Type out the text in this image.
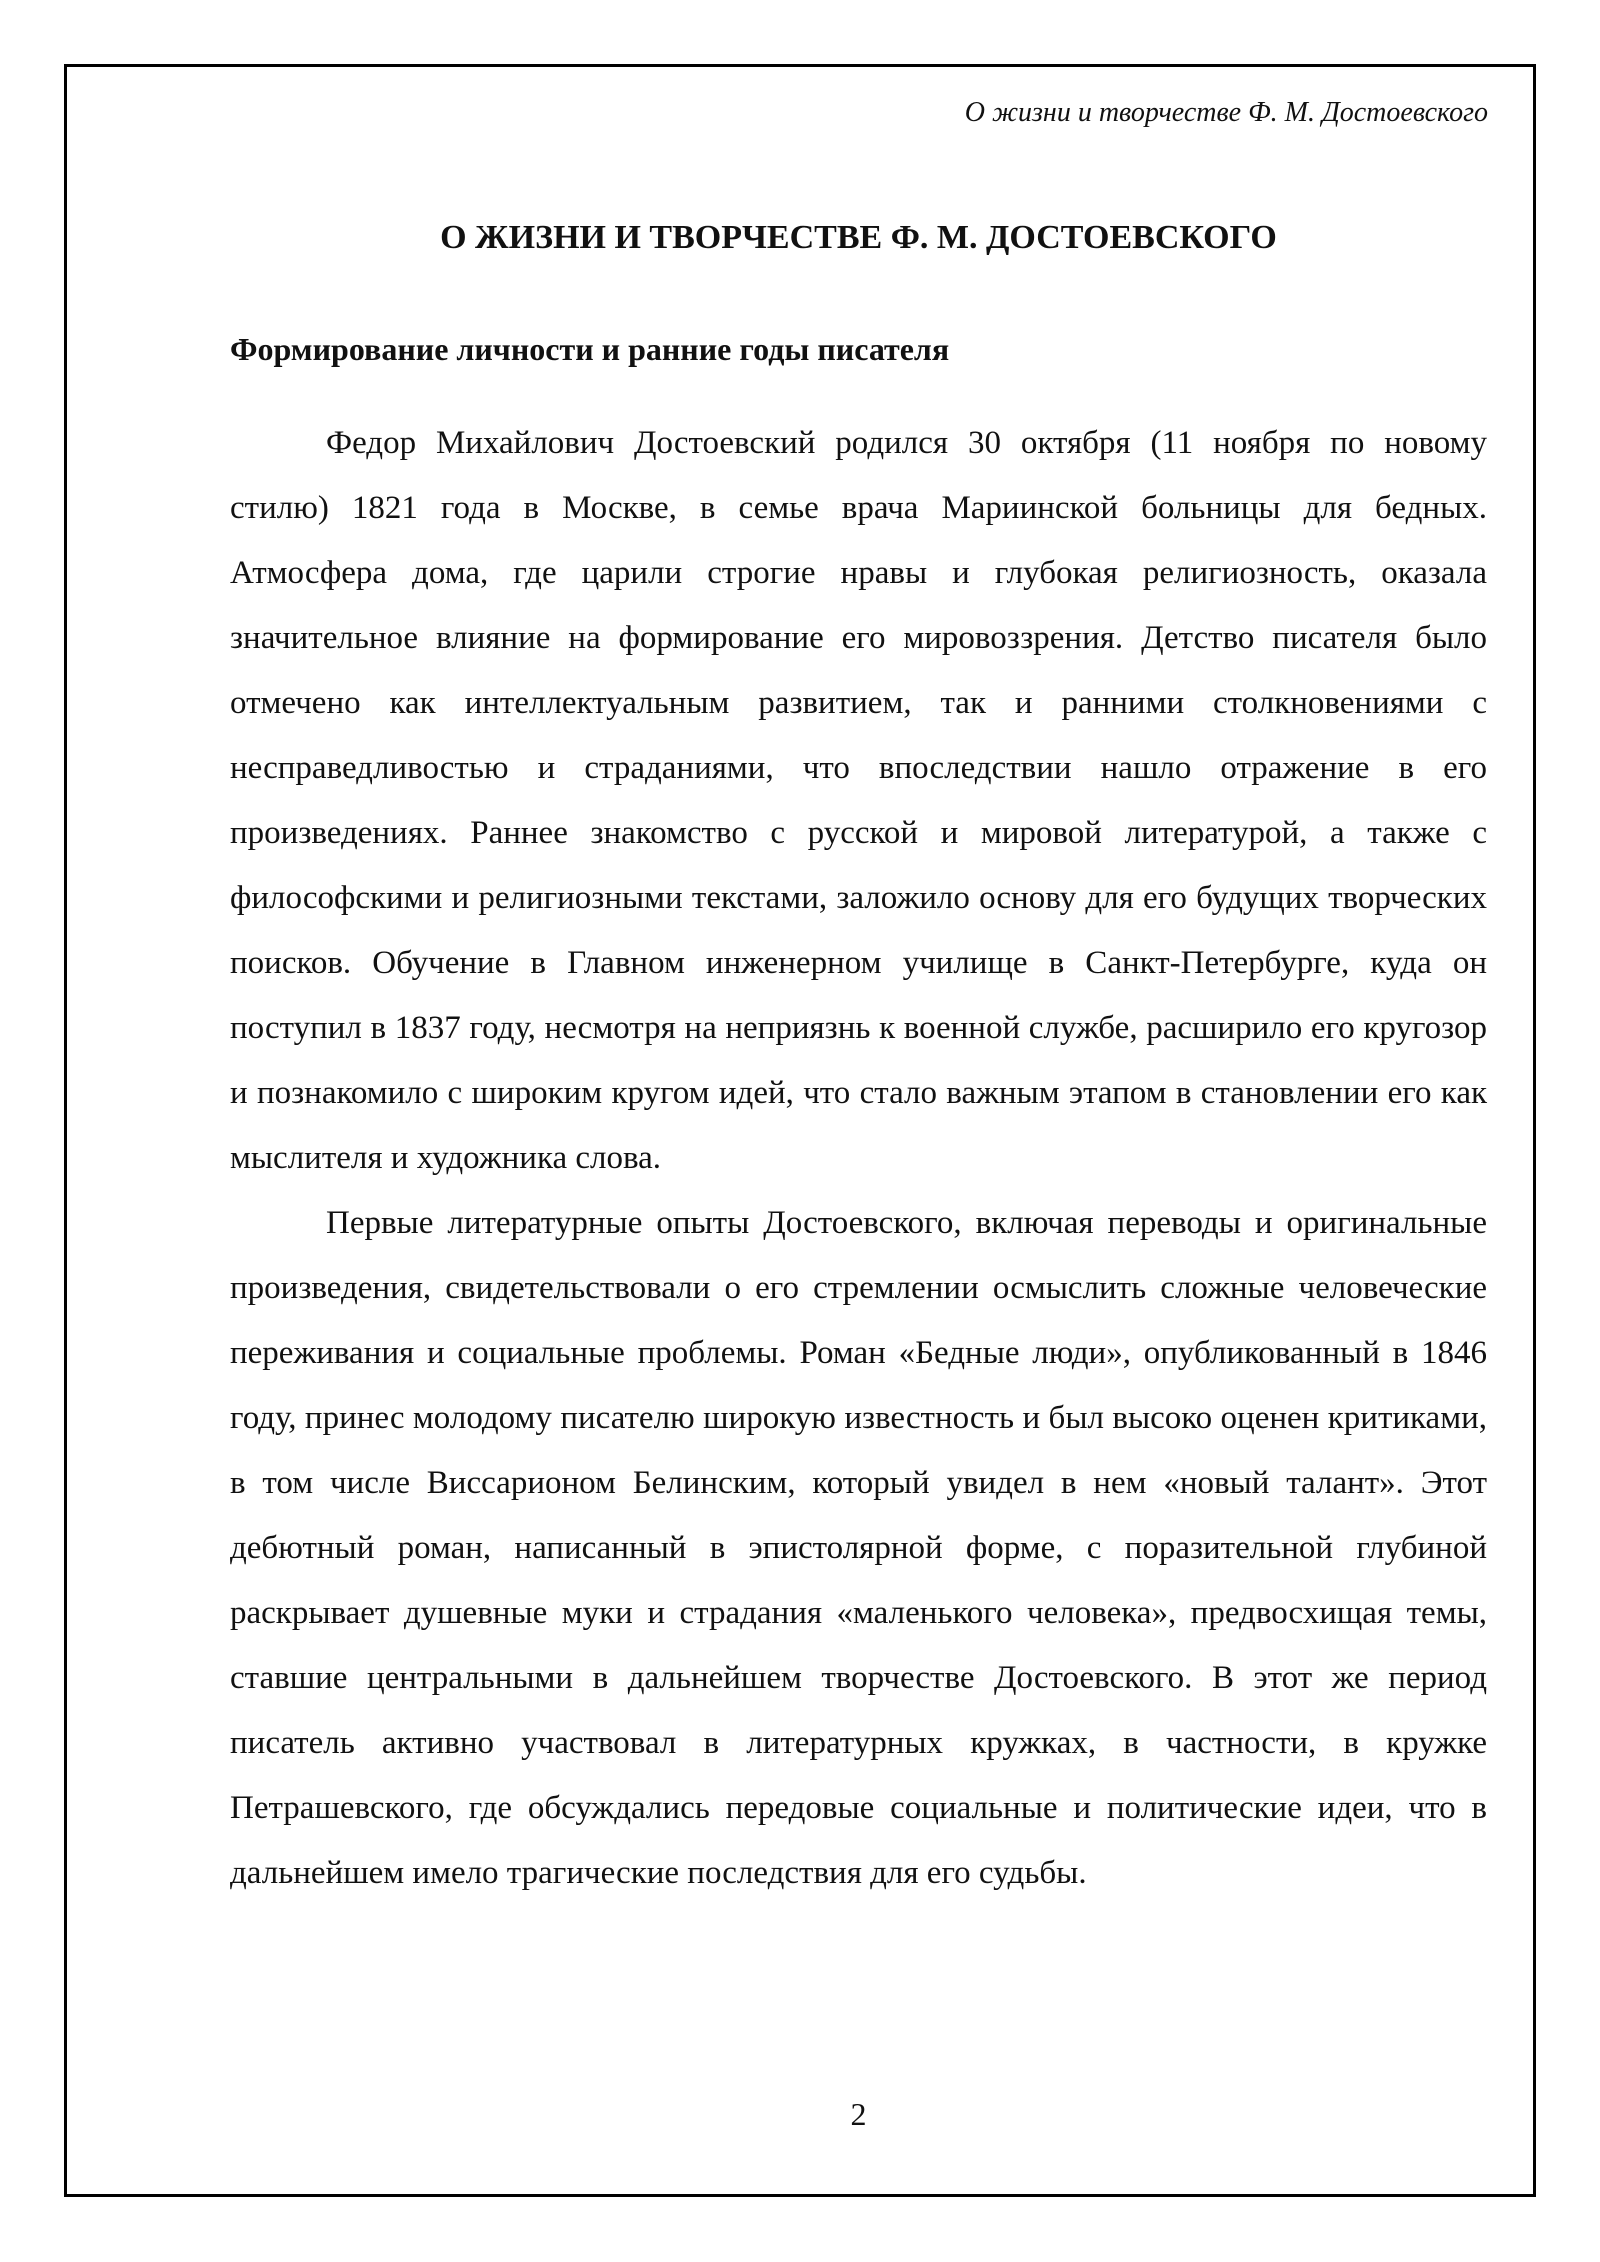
О жизни и творчестве Ф. М. Достоевского
О ЖИЗНИ И ТВОРЧЕСТВЕ Ф. М. ДОСТОЕВСКОГО
Формирование личности и ранние годы писателя

Федор Михайлович Достоевский родился 30 октября (11 ноября по новому стилю) 1821 года в Москве, в семье врача Мариинской больницы для бедных. Атмосфера дома, где царили строгие нравы и глубокая религиозность, оказала значительное влияние на формирование его мировоззрения. Детство писателя было отмечено как интеллектуальным развитием, так и ранними столкновениями с несправедливостью и страданиями, что впоследствии нашло отражение в его произведениях. Раннее знакомство с русской и мировой литературой, а также с философскими и религиозными текстами, заложило основу для его будущих творческих поисков. Обучение в Главном инженерном училище в Санкт-Петербурге, куда он поступил в 1837 году, несмотря на неприязнь к военной службе, расширило его кругозор и познакомило с широким кругом идей, что стало важным этапом в становлении его как мыслителя и художника слова.

Первые литературные опыты Достоевского, включая переводы и оригинальные произведения, свидетельствовали о его стремлении осмыслить сложные человеческие переживания и социальные проблемы. Роман «Бедные люди», опубликованный в 1846 году, принес молодому писателю широкую известность и был высоко оценен критиками, в том числе Виссарионом Белинским, который увидел в нем «новый талант». Этот дебютный роман, написанный в эпистолярной форме, с поразительной глубиной раскрывает душевные муки и страдания «маленького человека», предвосхищая темы, ставшие центральными в дальнейшем творчестве Достоевского. В этот же период писатель активно участвовал в литературных кружках, в частности, в кружке Петрашевского, где обсуждались передовые социальные и политические идеи, что в дальнейшем имело трагические последствия для его судьбы.

2
